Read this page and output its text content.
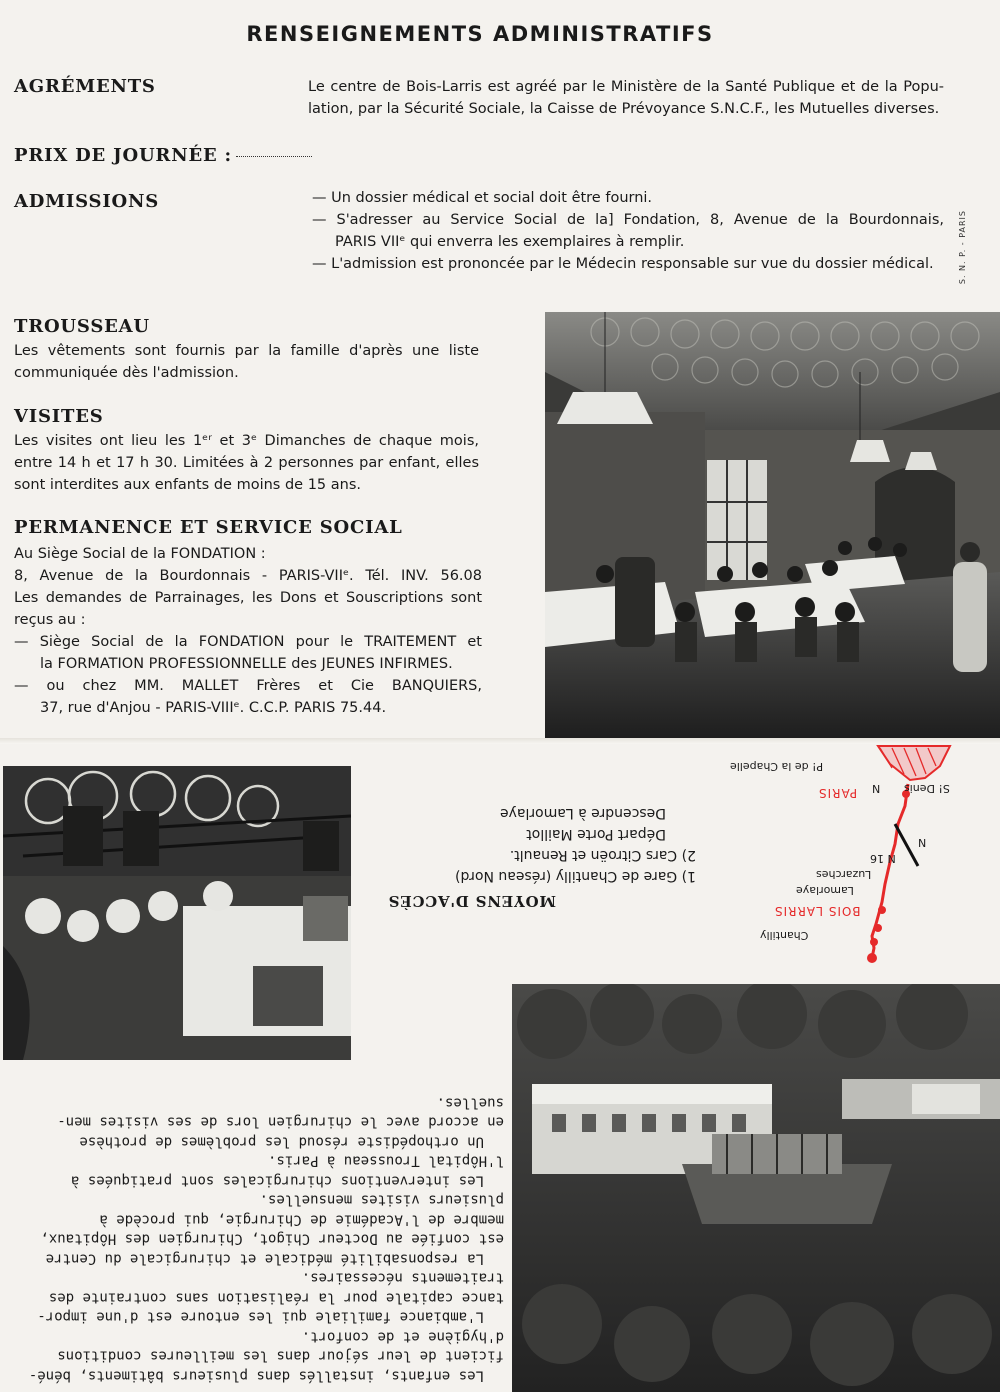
RENSEIGNEMENTS ADMINISTRATIFS
AGRÉMENTS	Le centre de Bois-Larris est agréé par le Ministère de la Santé Publique et de la Popu-
lation, par la Sécurité Sociale, la Caisse de Prévoyance S.N.C.F., les Mutuelles diverses.
PRIX DE JOURNÉE :
ADMISSIONS	— Un dossier médical et social doit être fourni.
— S'adresser au Service Social de la] Fondation, 8, Avenue de la Bourdonnais,
PARIS VIIᵉ qui enverra les exemplaires à remplir.
— L'admission est prononcée par le Médecin responsable sur vue du dossier médical.	S. N. P. - PARIS
TROUSSEAU
Les vêtements sont fournis par la famille d'après une liste
communiquée dès l'admission.
VISITES
Les visites ont lieu les 1ᵉʳ et 3ᵉ Dimanches de chaque mois,
entre 14 h et 17 h 30. Limitées à 2 personnes par enfant, elles
sont interdites aux enfants de moins de 15 ans.
PERMANENCE ET SERVICE SOCIAL
Au Siège Social de la FONDATION :
8, Avenue de la Bourdonnais - PARIS-VIIᵉ. Tél. INV. 56.08
Les demandes de Parrainages, les Dons et Souscriptions sont
reçus au :
— Siège Social de la FONDATION pour le TRAITEMENT et
la FORMATION PROFESSIONNELLE des JEUNES INFIRMES.
— ou chez MM. MALLET Frères et Cie BANQUIERS,
37, rue d'Anjou - PARIS-VIIIᵉ. C.C.P. PARIS 75.44.
MOYENS D'ACCÈS
1) Gare de Chantilly (réseau Nord)
2) Cars Citroën et Renault.
Départ Porte Maillot
Descendre à Lamorlaye
Chantilly
BOIS LARRIS
Lamorlaye
Luzarches
N 16
N
N
PARIS	S! Denis
P! de la Chapelle
Les enfants, installés dans plusieurs bâtiments, béné-
ficient de leur séjour dans les meilleures conditions
d'hygiène et de confort.
L'ambiance familiale qui les entoure est d'une impor-
tance capitale pour la réalisation sans contrainte des
traitements nécessaires.
La responsabilité médicale et chirurgicale du Centre
est confiée au Docteur Chigot, Chirurgien des Hôpitaux,
membre de l'Académie de Chirurgie, qui procède à
plusieurs visites mensuelles.
Les interventions chirurgicales sont pratiquées à
l'Hôpital Trousseau à Paris.
Un orthopédiste résoud les problèmes de prothèse
en accord avec le chirurgien lors de ses visites men-
suelles.
